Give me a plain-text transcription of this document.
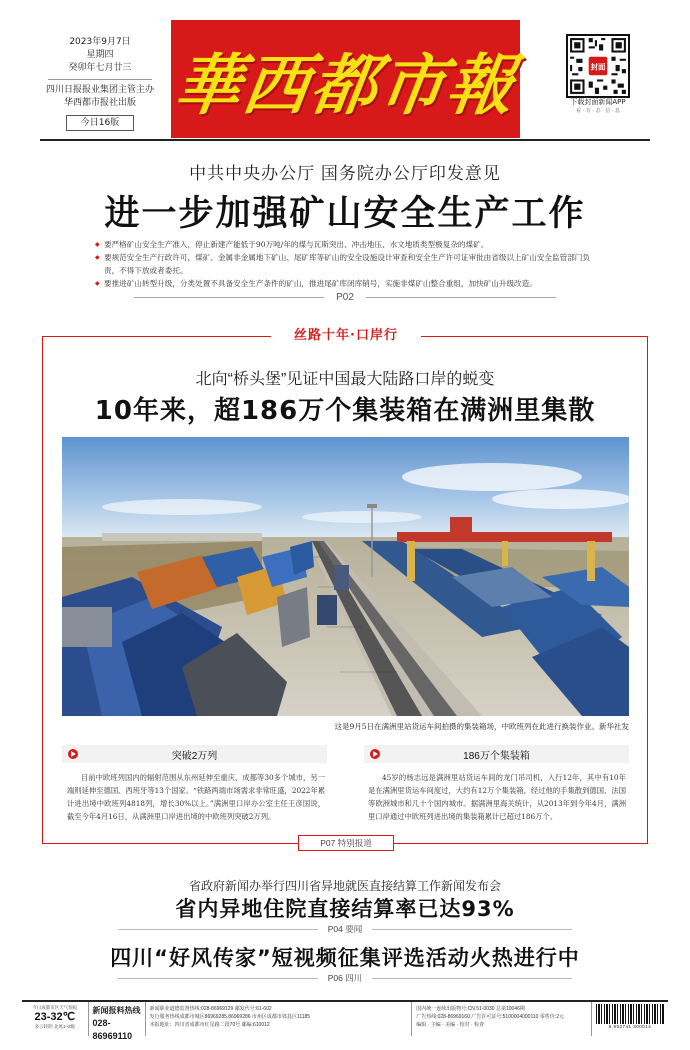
2023年9月7日
星期四
癸卯年七月廿三
四川日报报业集团主管主办
华西都市报社出版
今日16版 華西都市報	封面
下载封面新闻APP
看 · 有 · 态 · 信 · 息
中共中央办公厅 国务院办公厅印发意见
进一步加强矿山安全生产工作
◆ 要严格矿山安全生产准入，停止新建产能低于90万吨/年的煤与瓦斯突出、冲击地压、水文地质类型极复杂的煤矿。
◆ 要规范安全生产行政许可，煤矿、金属非金属地下矿山、尾矿库等矿山的安全设施设计审查和安全生产许可证审批由省级以上矿山安全监管部门负责，不得下放或者委托。
◆ 要推进矿山转型升级，分类处置不具备安全生产条件的矿山，推进尾矿库闭库销号，实施非煤矿山整合重组，加快矿山升级改造。
P02
丝路十年·口岸行
北向“桥头堡”见证中国最大陆路口岸的蜕变
10年来，超186万个集装箱在满洲里集散
这是9月5日在满洲里站货运车间拍摄的集装箱场，中欧班列在此进行换装作业。新华社发
突破2万列	186万个集装箱
目前中欧班列国内的辐射范围从东州延伸至重庆、成都等30多个城市，另一端则延伸至德国、西班牙等13个国家。“铁路两端市场需求非常旺盛，2022年累计进出境中欧班列4818列，增长30%以上。”满洲里口岸办公室主任王彦国说，截至今年4月16日，从满洲里口岸进出境的中欧班列突破2万列。
45岁的杨志远是满洲里站货运车间的龙门吊司机，入行12年，其中有10年是在满洲里货运车间度过，大约有12万个集装箱，经过他的手集散到德国、法国等欧洲城市和几十个国内城市。据满洲里海关统计，从2013年到今年4月，满洲里口岸通过中欧班列进出境的集装箱累计已超过186万个。
P07 特别报道
省政府新闻办举行四川省异地就医直接结算工作新闻发布会
省内异地住院直接结算率已达93%
P04 要闻
四川“好风传家”短视频征集评选活动火热进行中
P06 四川
今日成都市区天气预报
23-32℃
多云转阴 北风1~2级
新闻报料热线
028-86969110
新闻职业道德监督热线:028-86969129 邮发代号:61-602
发行服务热线成都市城区86969285,86969286 市州区成都市郊县区11185
本报地址：四川省成都市红星路二段70号 邮编:610012
国内统一连续出版物号:CN 51-0030 总第10046期
广告热线:028-86969160 广告许可证号:5100004000110 零售价:2元
编辑 · 主编 · 美编 · 校对 · 检查	6 952741 300014
